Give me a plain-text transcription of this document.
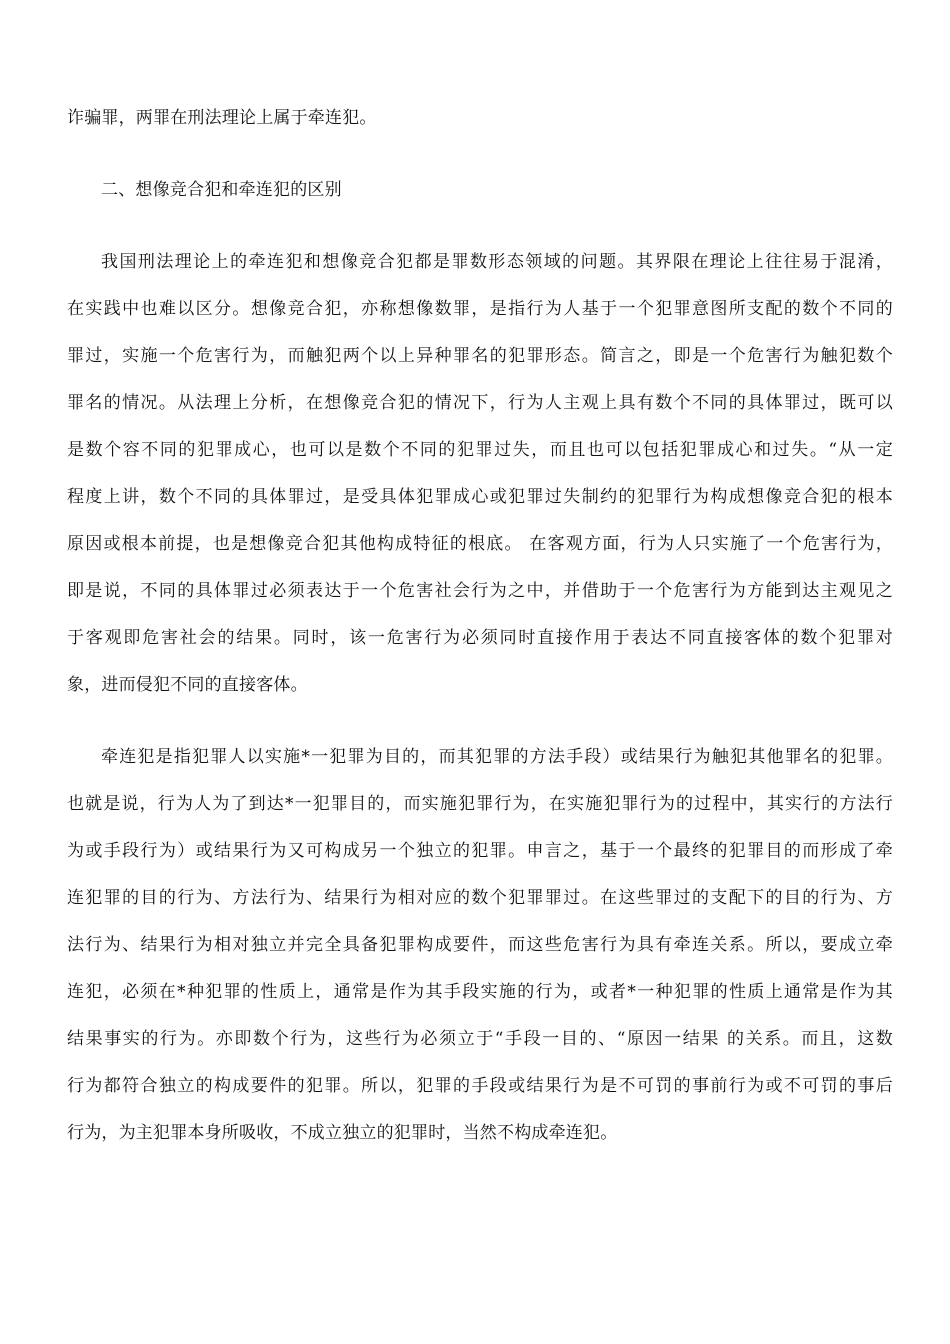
诈骗罪，两罪在刑法理论上属于牵连犯。
二、想像竞合犯和牵连犯的区别
我国刑法理论上的牵连犯和想像竞合犯都是罪数形态领域的问题。其界限在理论上往往易于混淆，
在实践中也难以区分。想像竞合犯，亦称想像数罪，是指行为人基于一个犯罪意图所支配的数个不同的
罪过，实施一个危害行为，而触犯两个以上异种罪名的犯罪形态。简言之，即是一个危害行为触犯数个
罪名的情况。从法理上分析，在想像竞合犯的情况下，行为人主观上具有数个不同的具体罪过，既可以
是数个容不同的犯罪成心，也可以是数个不同的犯罪过失，而且也可以包括犯罪成心和过失。“从一定
程度上讲，数个不同的具体罪过，是受具体犯罪成心或犯罪过失制约的犯罪行为构成想像竞合犯的根本
原因或根本前提，也是想像竞合犯其他构成特征的根底。 在客观方面，行为人只实施了一个危害行为，
即是说，不同的具体罪过必须表达于一个危害社会行为之中，并借助于一个危害行为方能到达主观见之
于客观即危害社会的结果。同时，该一危害行为必须同时直接作用于表达不同直接客体的数个犯罪对
象，进而侵犯不同的直接客体。
牵连犯是指犯罪人以实施*一犯罪为目的，而其犯罪的方法手段）或结果行为触犯其他罪名的犯罪。
也就是说，行为人为了到达*一犯罪目的，而实施犯罪行为，在实施犯罪行为的过程中，其实行的方法行
为或手段行为）或结果行为又可构成另一个独立的犯罪。申言之，基于一个最终的犯罪目的而形成了牵
连犯罪的目的行为、方法行为、结果行为相对应的数个犯罪罪过。在这些罪过的支配下的目的行为、方
法行为、结果行为相对独立并完全具备犯罪构成要件，而这些危害行为具有牵连关系。所以，要成立牵
连犯，必须在*种犯罪的性质上，通常是作为其手段实施的行为，或者*一种犯罪的性质上通常是作为其
结果事实的行为。亦即数个行为，这些行为必须立于“手段一目的、“原因一结果 的关系。而且，这数
行为都符合独立的构成要件的犯罪。所以，犯罪的手段或结果行为是不可罚的事前行为或不可罚的事后
行为，为主犯罪本身所吸收，不成立独立的犯罪时，当然不构成牵连犯。
